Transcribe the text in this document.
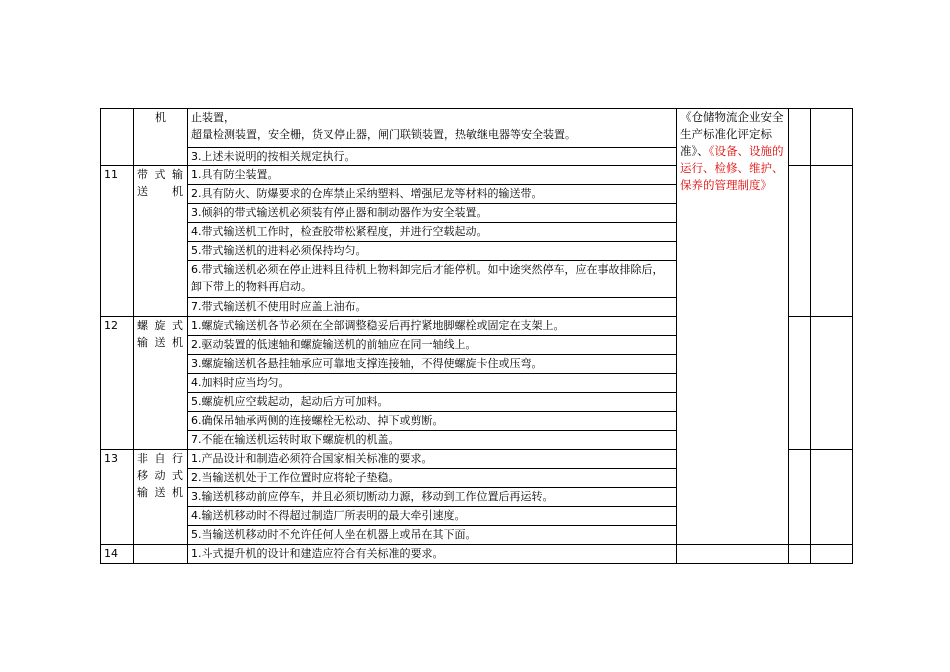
	机	止装置，
超量检测装置，安全栅，货叉停止器，闸门联锁装置，热敏继电器等安全装置。	《仓储物流企业安全生产标准化评定标准》、《设备、设施的运行、检修、维护、保养的管理制度》		
		3.上述未说明的按相关规定执行。			
11	带式输送机	1.具有防尘装置。			
		2.具有防火、防爆要求的仓库禁止采纳塑料、增强尼龙等材料的输送带。			
		3.倾斜的带式输送机必须装有停止器和制动器作为安全装置。			
		4.带式输送机工作时，检查胶带松紧程度，并进行空载起动。			
		5.带式输送机的进料必须保持均匀。			
		6.带式输送机必须在停止进料且待机上物料卸完后才能停机。如中途突然停车，应在事故排除后，卸下带上的物料再启动。			
		7.带式输送机不使用时应盖上油布。			
12	螺旋式输送机	1.螺旋式输送机各节必须在全部调整稳妥后再拧紧地脚螺栓或固定在支架上。			
		2.驱动装置的低速轴和螺旋输送机的前轴应在同一轴线上。			
		3.螺旋输送机各悬挂轴承应可靠地支撑连接轴，不得使螺旋卡住或压弯。			
		4.加料时应当均匀。			
		5.螺旋机应空载起动，起动后方可加料。			
		6.确保吊轴承两侧的连接螺栓无松动、掉下或剪断。			
		7.不能在输送机运转时取下螺旋机的机盖。			
13	非自行移动式输送机	1.产品设计和制造必须符合国家相关标准的要求。			
		2.当输送机处于工作位置时应将轮子垫稳。			
		3.输送机移动前应停车，并且必须切断动力源，移动到工作位置后再运转。			
		4.输送机移动时不得超过制造厂所表明的最大牵引速度。			
		5.当输送机移动时不允许任何人坐在机器上或吊在其下面。			
14		1.斗式提升机的设计和建造应符合有关标准的要求。			
